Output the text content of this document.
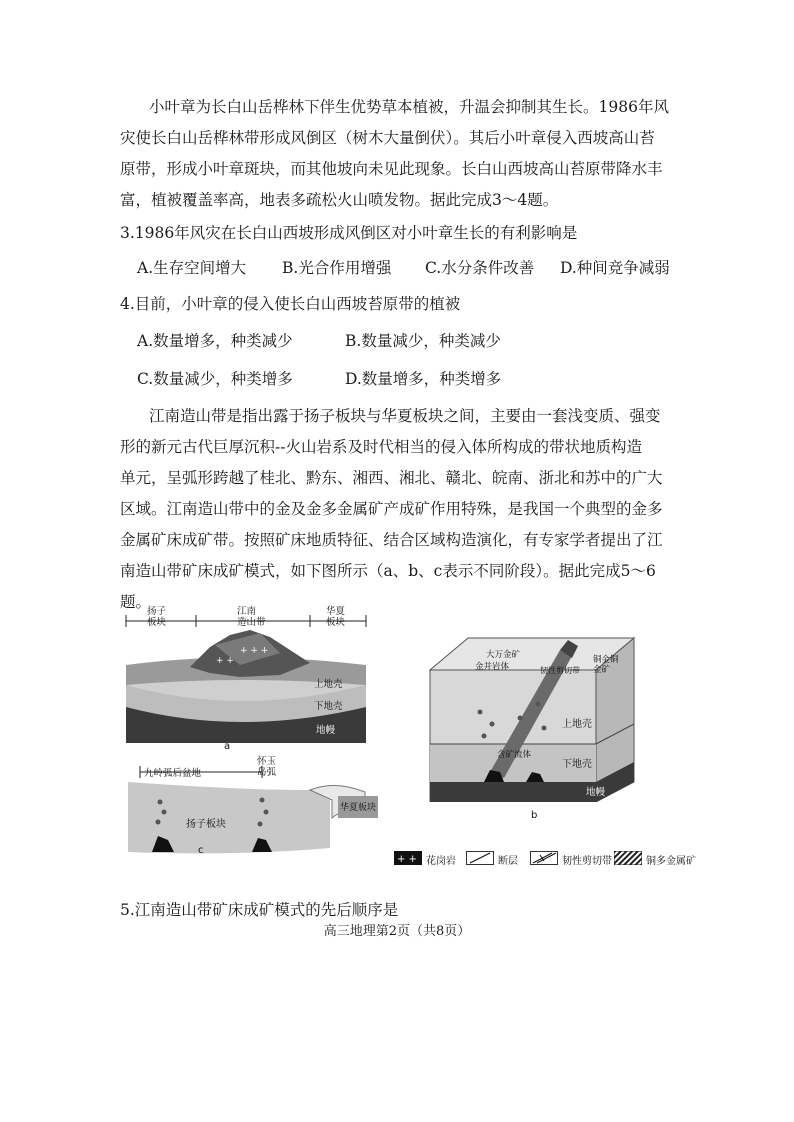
小叶章为长白山岳桦林下伴生优势草本植被，升温会抑制其生长。1986年风
灾使长白山岳桦林带形成风倒区（树木大量倒伏）。其后小叶章侵入西坡高山苔
原带，形成小叶章斑块，而其他坡向未见此现象。长白山西坡高山苔原带降水丰
富，植被覆盖率高，地表多疏松火山喷发物。据此完成3～4题。
3.1986年风灾在长白山西坡形成风倒区对小叶章生长的有利影响是
A.生存空间增大 B.光合作用增强 C.水分条件改善 D.种间竞争减弱
4.目前，小叶章的侵入使长白山西坡苔原带的植被
A.数量增多，种类减少	B.数量减少，种类减少
C.数量减少，种类增多	D.数量增多，种类增多
江南造山带是指出露于扬子板块与华夏板块之间，主要由一套浅变质、强变
形的新元古代巨厚沉积--火山岩系及时代相当的侵入体所构成的带状地质构造
单元，呈弧形跨越了桂北、黔东、湘西、湘北、赣北、皖南、浙北和苏中的广大
区域。江南造山带中的金及金多金属矿产成矿作用特殊，是我国一个典型的金多
金属矿床成矿带。按照矿床地质特征、结合区域构造演化，有专家学者提出了江
南造山带矿床成矿模式，如下图所示（a、b、c表示不同阶段）。据此完成5～6
题。
+ + +
+ +
扬子
板块
江南
造山带
华夏
板块
上地壳
下地壳
地幔
a
九岭弧后盆地
怀玉
岛弧
扬子板块
华夏板块
c
大万金矿
金并岩体	韧性剪切带
铜金铜
金矿
含矿流体
上地壳
下地壳
地幔
b
+ + 花岗岩	断层	韧性剪切带	铜多金属矿
5.江南造山带矿床成矿模式的先后顺序是
高三地理第2页（共8页）
